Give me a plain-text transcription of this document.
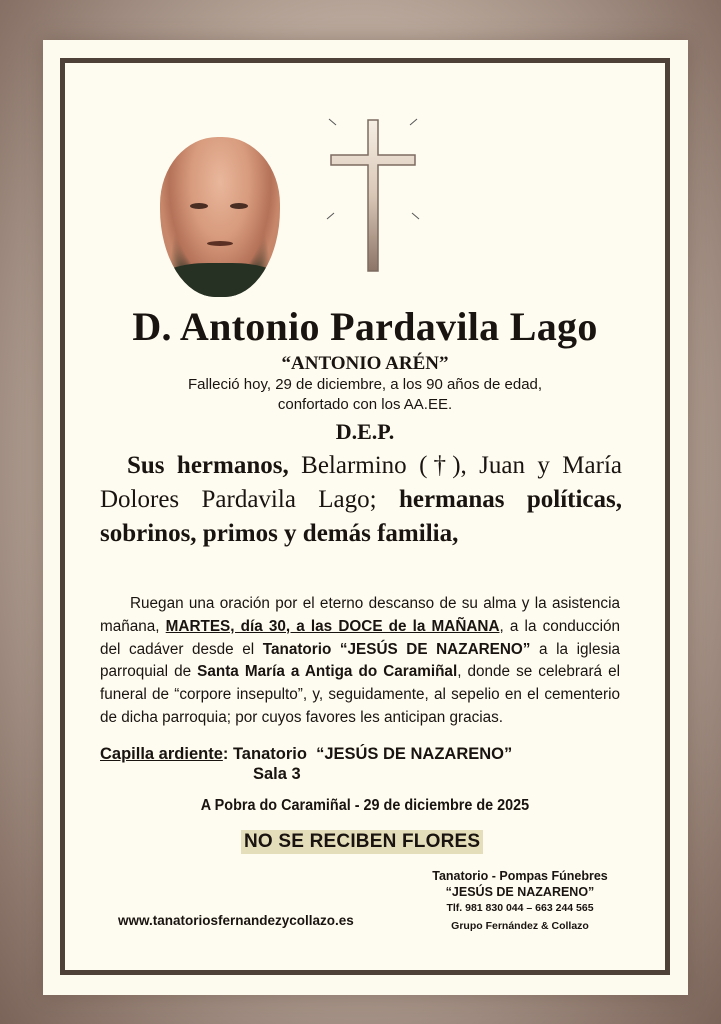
D. Antonio Pardavila Lago
“ANTONIO ARÉN”
Falleció hoy, 29 de diciembre, a los 90 años de edad,
confortado con los AA.EE.
D.E.P.
Sus hermanos, Belarmino (†), Juan y María Dolores Pardavila Lago; hermanas políticas, sobrinos, primos y demás familia,
Ruegan una oración por el eterno descanso de su alma y la asistencia mañana, MARTES, día 30, a las DOCE de la MAÑANA, a la conducción del cadáver desde el Tanatorio “JESÚS DE NAZARENO” a la iglesia parroquial de Santa María a Antiga do Caramiñal, donde se celebrará el funeral de “corpore insepulto”, y, seguidamente, al sepelio en el cementerio de dicha parroquia; por cuyos favores les anticipan gracias.
Capilla ardiente: Tanatorio  “JESÚS DE NAZARENO”
Sala 3
A Pobra do Caramiñal - 29 de diciembre de 2025
NO SE RECIBEN FLORES
Tanatorio - Pompas Fúnebres
“JESÚS DE NAZARENO”
Tlf. 981 830 044 – 663 244 565
Grupo Fernández & Collazo
www.tanatoriosfernandezycollazo.es
